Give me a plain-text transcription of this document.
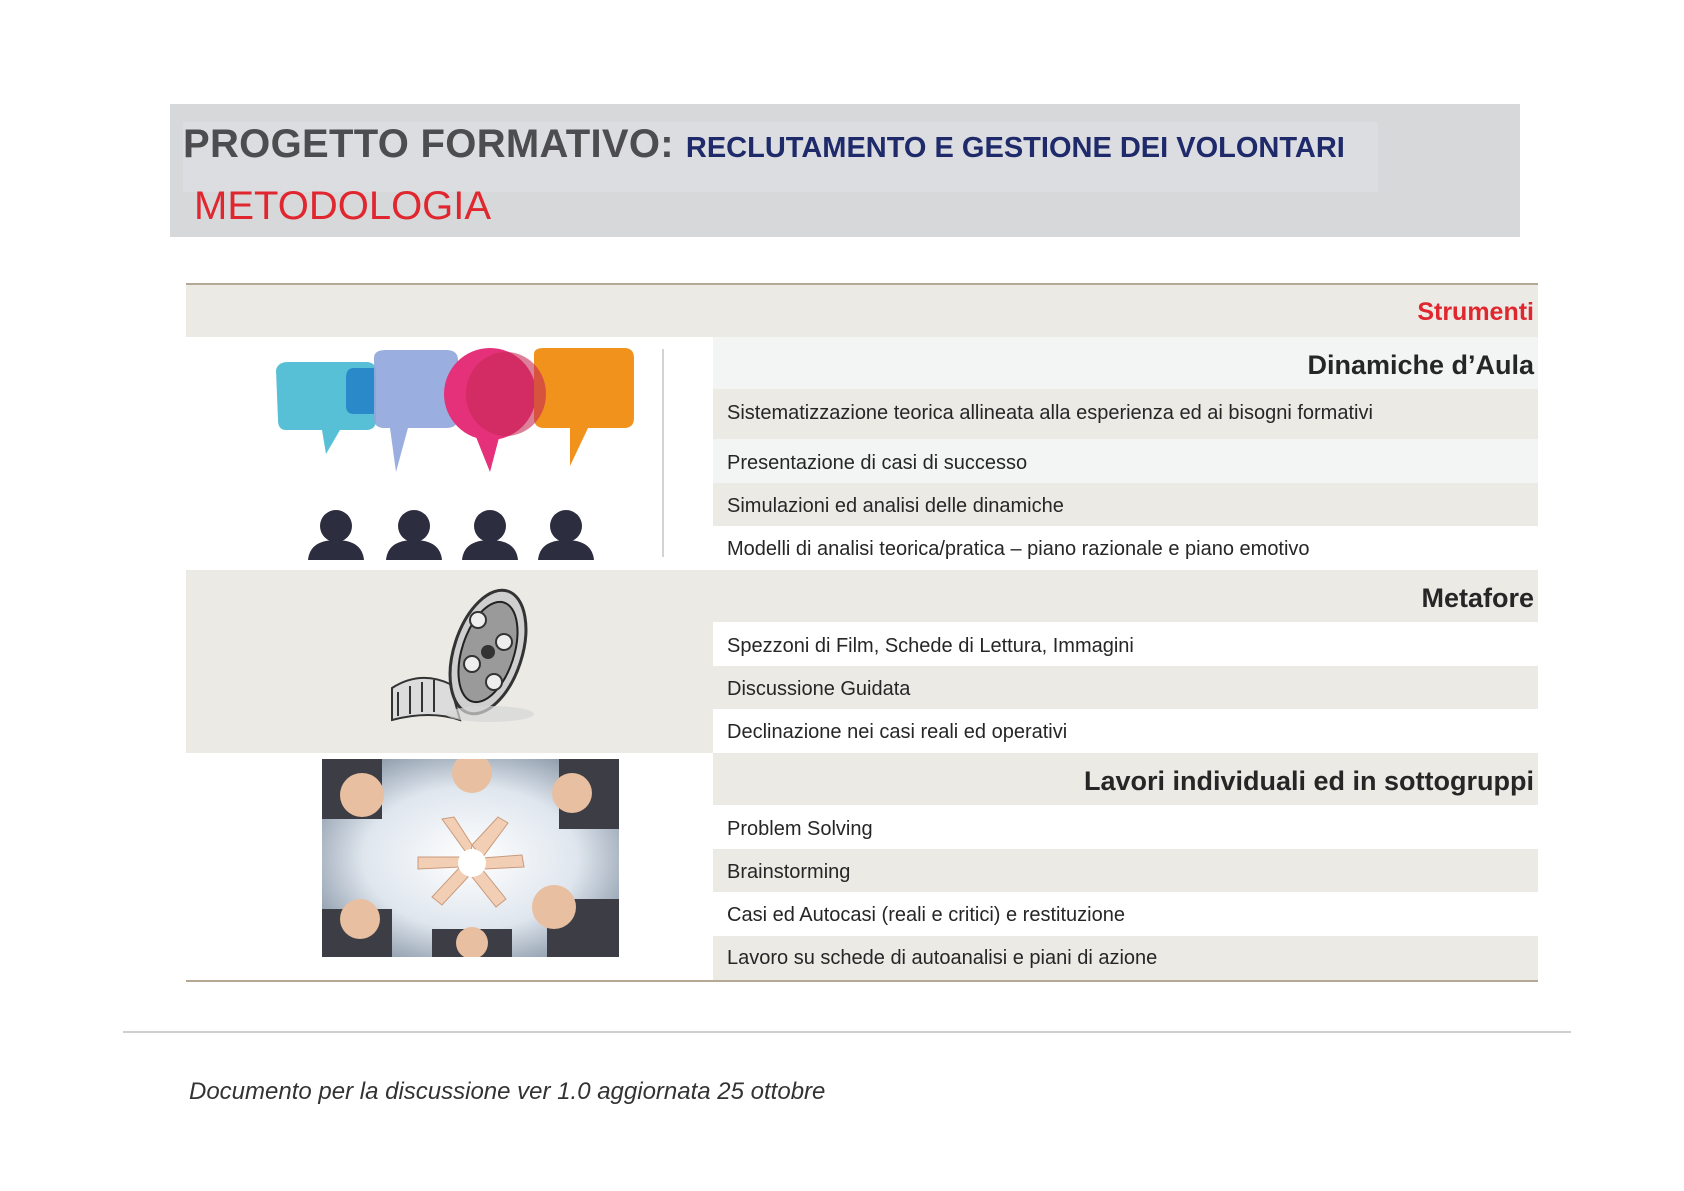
PROGETTO FORMATIVO: RECLUTAMENTO E GESTIONE DEI VOLONTARI
METODOLOGIA
Strumenti
Dinamiche d’Aula
Sistematizzazione teorica allineata alla esperienza ed ai bisogni formativi
Presentazione di casi di successo
Simulazioni ed analisi delle dinamiche
Modelli di analisi teorica/pratica – piano razionale e piano emotivo
Metafore
Spezzoni di Film, Schede di Lettura, Immagini
Discussione Guidata
Declinazione nei casi reali ed operativi
Lavori individuali ed in sottogruppi
Problem Solving
Brainstorming
Casi ed Autocasi (reali e critici) e restituzione
Lavoro su schede di autoanalisi e piani di azione
Documento per la discussione ver 1.0 aggiornata 25 ottobre
